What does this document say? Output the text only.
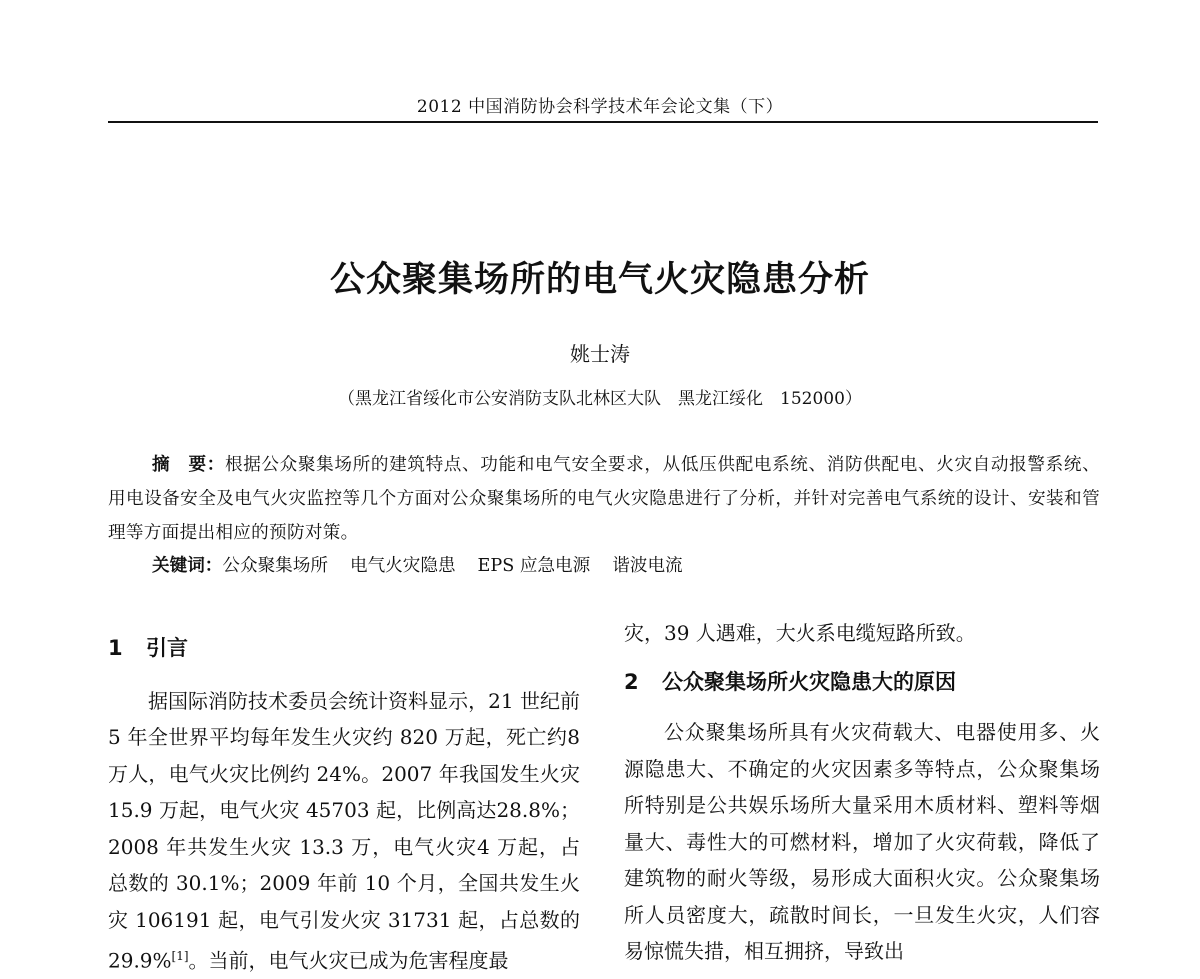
2012 中国消防协会科学技术年会论文集（下）
公众聚集场所的电气火灾隐患分析
姚士涛
（黑龙江省绥化市公安消防支队北林区大队　黑龙江绥化　152000）

摘　要：根据公众聚集场所的建筑特点、功能和电气安全要求，从低压供配电系统、消防供配电、火灾自动报警系统、用电设备安全及电气火灾监控等几个方面对公众聚集场所的电气火灾隐患进行了分析，并针对完善电气系统的设计、安装和管理等方面提出相应的预防对策。

关键词：公众聚集场所 电气火灾隐患 EPS 应急电源 谐波电流
1 引言

据国际消防技术委员会统计资料显示，21 世纪前5 年全世界平均每年发生火灾约 820 万起，死亡约8 万人，电气火灾比例约 24%。2007 年我国发生火灾 15.9 万起，电气火灾 45703 起，比例高达28.8%；2008 年共发生火灾 13.3 万，电气火灾4 万起，占总数的 30.1%；2009 年前 10 个月，全国共发生火灾 106191 起，电气引发火灾 31731 起，占总数的29.9%[1]。当前，电气火灾已成为危害程度最

灾，39 人遇难，大火系电缆短路所致。

2 公众聚集场所火灾隐患大的原因

公众聚集场所具有火灾荷载大、电器使用多、火源隐患大、不确定的火灾因素多等特点，公众聚集场所特别是公共娱乐场所大量采用木质材料、塑料等烟量大、毒性大的可燃材料，增加了火灾荷载，降低了建筑物的耐火等级，易形成大面积火灾。公众聚集场所人员密度大，疏散时间长，一旦发生火灾，人们容易惊慌失措，相互拥挤，导致出
